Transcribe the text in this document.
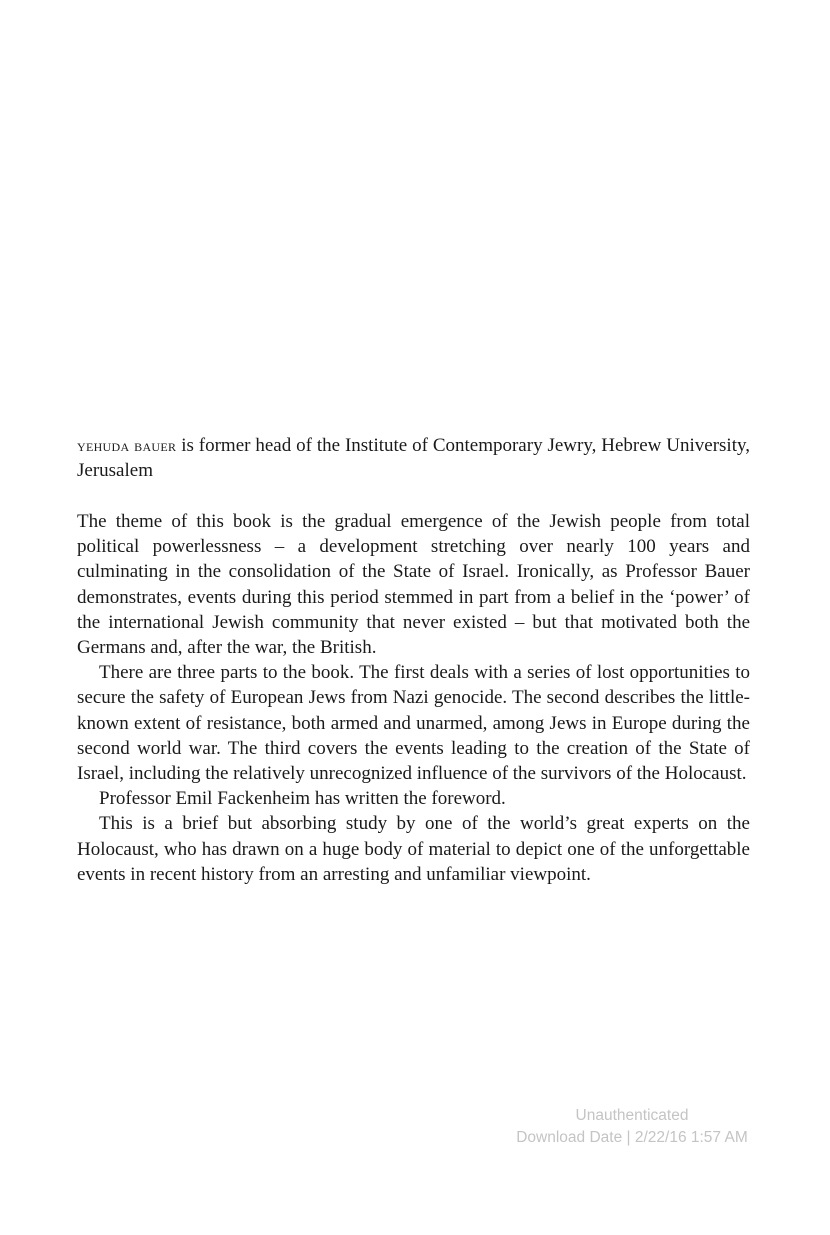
yehuda bauer is former head of the Institute of Contemporary Jewry, Hebrew University, Jerusalem

The theme of this book is the gradual emergence of the Jewish people from total political powerlessness – a development stretching over nearly 100 years and culminating in the consolidation of the State of Israel. Ironically, as Professor Bauer demonstrates, events during this period stemmed in part from a belief in the ‘power’ of the international Jewish community that never existed – but that motivated both the Germans and, after the war, the British.

There are three parts to the book. The first deals with a series of lost opportunities to secure the safety of European Jews from Nazi genocide. The second describes the little-known extent of resistance, both armed and unarmed, among Jews in Europe during the second world war. The third covers the events leading to the creation of the State of Israel, including the relatively unrecognized influence of the survivors of the Holocaust.

Professor Emil Fackenheim has written the foreword.

This is a brief but absorbing study by one of the world’s great experts on the Holocaust, who has drawn on a huge body of material to depict one of the unforgettable events in recent history from an arresting and unfamiliar viewpoint.

Unauthenticated
Download Date | 2/22/16 1:57 AM
